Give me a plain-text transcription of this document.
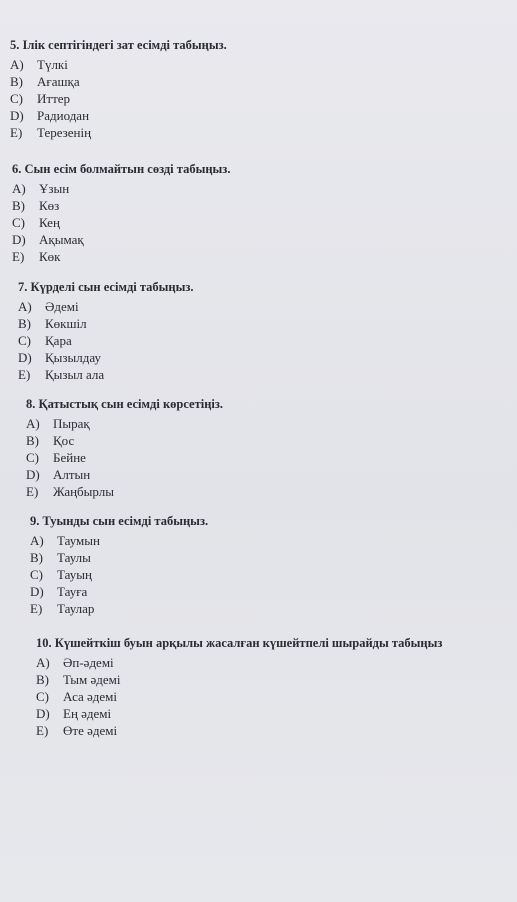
5. Ілік септігіндегі зат есімді табыңыз.
A) Түлкі
B) Ағашқа
C) Иттер
D) Радиодан
E) Терезенің
6. Сын есім болмайтын сөзді табыңыз.
A) Ұзын
B) Көз
C) Кең
D) Ақымақ
E) Көк
7. Күрделі сын есімді табыңыз.
A) Әдемі
B) Көкшіл
C) Қара
D) Қызылдау
E) Қызыл ала
8. Қатыстық сын есімді көрсетіңіз.
A) Пырақ
B) Қос
C) Бейне
D) Алтын
E) Жаңбырлы
9. Туынды сын есімді табыңыз.
A) Таумын
B) Таулы
C) Тауың
D) Тауға
E) Таулар
10. Күшейткіш буын арқылы жасалған күшейтпелі шырайды табыңыз
A) Әп-әдемі
B) Тым әдемі
C) Аса әдемі
D) Ең әдемі
E) Өте әдемі
